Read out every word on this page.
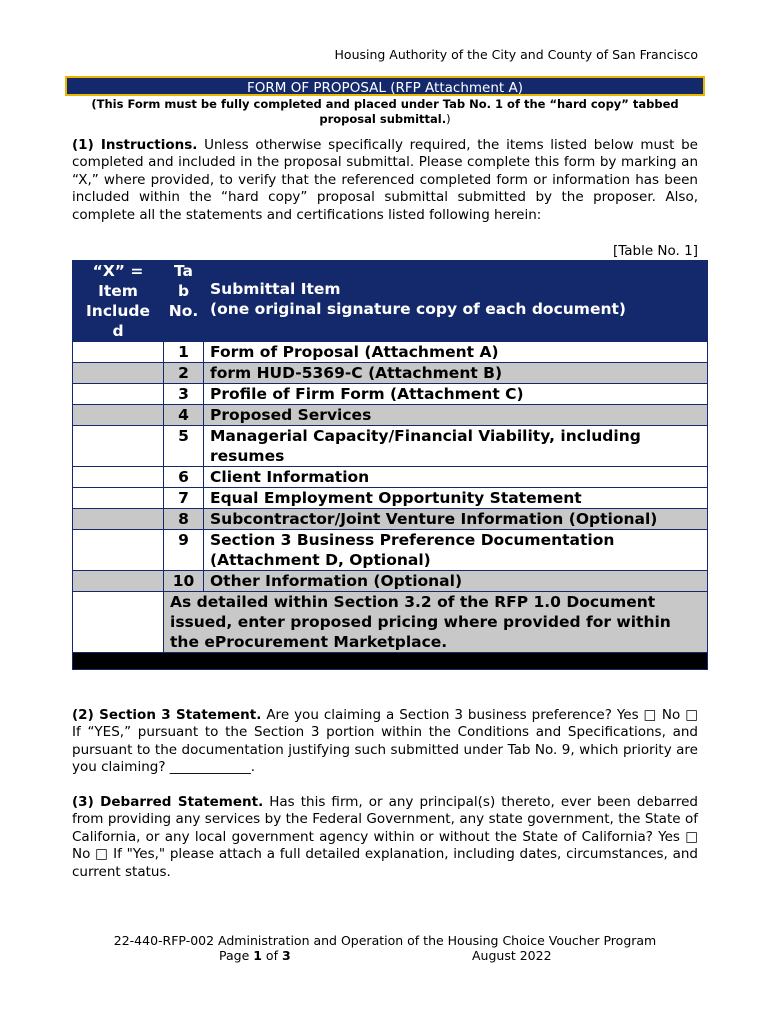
Housing Authority of the City and County of San Francisco
FORM OF PROPOSAL (RFP Attachment A)
(This Form must be fully completed and placed under Tab No. 1 of the “hard copy” tabbed proposal submittal.)
(1) Instructions. Unless otherwise specifically required, the items listed below must be completed and included in the proposal submittal. Please complete this form by marking an “X,” where provided, to verify that the referenced completed form or information has been included within the “hard copy” proposal submittal submitted by the proposer. Also, complete all the statements and certifications listed following herein:
[Table No. 1]
“X” = Item Include d	Ta b No.	Submittal Item
(one original signature copy of each document)

	1	Form of Proposal (Attachment A)
	2	form HUD-5369-C (Attachment B)
	3	Profile of Firm Form (Attachment C)
	4	Proposed Services
	5	Managerial Capacity/Financial Viability, including resumes
	6	Client Information
	7	Equal Employment Opportunity Statement
	8	Subcontractor/Joint Venture Information (Optional)
	9	Section 3 Business Preference Documentation (Attachment D, Optional)
	10	Other Information (Optional)
	As detailed within Section 3.2 of the RFP 1.0 Document issued, enter proposed pricing where provided for within the eProcurement Marketplace.	

(2) Section 3 Statement. Are you claiming a Section 3 business preference? Yes □ No □ If “YES,” pursuant to the Section 3 portion within the Conditions and Specifications, and pursuant to the documentation justifying such submitted under Tab No. 9, which priority are you claiming? ____________.
(3) Debarred Statement. Has this firm, or any principal(s) thereto, ever been debarred from providing any services by the Federal Government, any state government, the State of California, or any local government agency within or without the State of California? Yes □ No □ If "Yes," please attach a full detailed explanation, including dates, circumstances, and current status.
22-440-RFP-002 Administration and Operation of the Housing Choice Voucher Program
Page 1 of 3	August 2022
